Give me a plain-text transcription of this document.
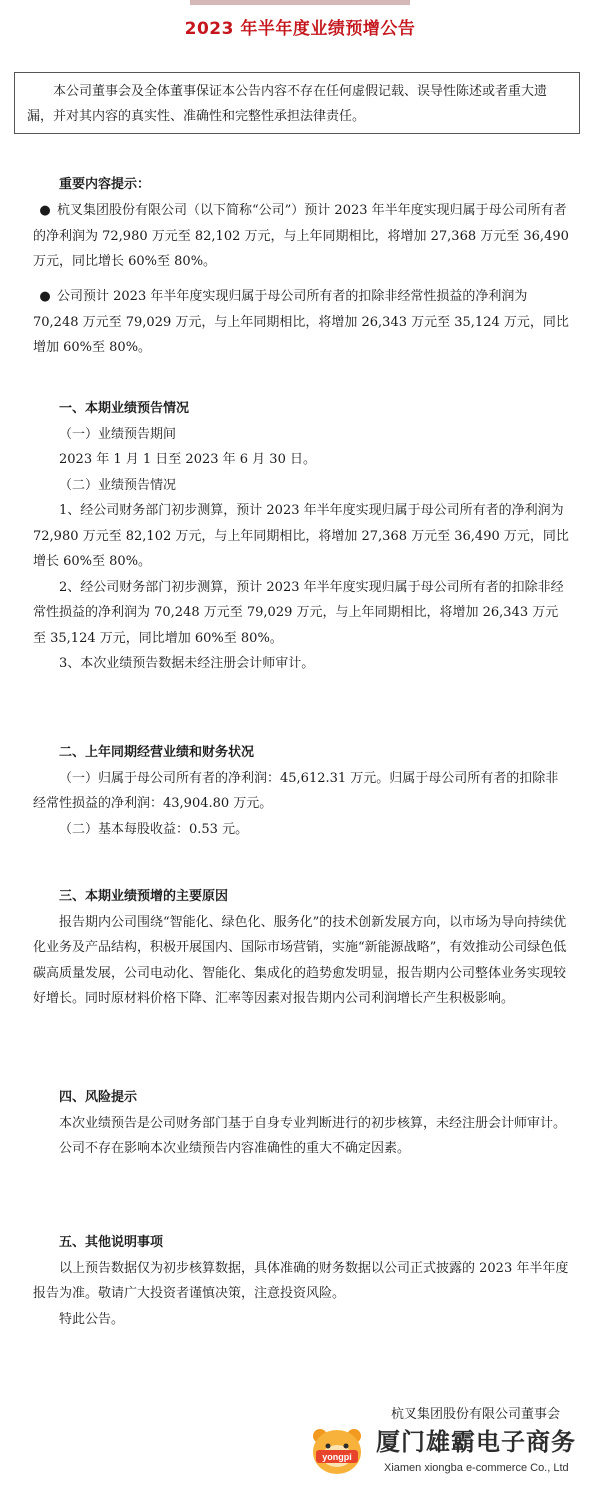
2023 年半年度业绩预增公告
本公司董事会及全体董事保证本公告内容不存在任何虚假记载、误导性陈述或者重大遗漏，并对其内容的真实性、准确性和完整性承担法律责任。

重要内容提示：

● 杭叉集团股份有限公司（以下简称“公司”）预计 2023 年半年度实现归属于母公司所有者的净利润为 72,980 万元至 82,102 万元，与上年同期相比，将增加 27,368 万元至 36,490 万元，同比增长 60%至 80%。

● 公司预计 2023 年半年度实现归属于母公司所有者的扣除非经常性损益的净利润为 70,248 万元至 79,029 万元，与上年同期相比，将增加 26,343 万元至 35,124 万元，同比增加 60%至 80%。

一、本期业绩预告情况

（一）业绩预告期间

2023 年 1 月 1 日至 2023 年 6 月 30 日。

（二）业绩预告情况

1、经公司财务部门初步测算，预计 2023 年半年度实现归属于母公司所有者的净利润为 72,980 万元至 82,102 万元，与上年同期相比，将增加 27,368 万元至 36,490 万元，同比增长 60%至 80%。

2、经公司财务部门初步测算，预计 2023 年半年度实现归属于母公司所有者的扣除非经常性损益的净利润为 70,248 万元至 79,029 万元，与上年同期相比，将增加 26,343 万元至 35,124 万元，同比增加 60%至 80%。

3、本次业绩预告数据未经注册会计师审计。

二、上年同期经营业绩和财务状况

（一）归属于母公司所有者的净利润：45,612.31 万元。归属于母公司所有者的扣除非经常性损益的净利润：43,904.80 万元。

（二）基本每股收益：0.53 元。

三、本期业绩预增的主要原因

报告期内公司围绕“智能化、绿色化、服务化”的技术创新发展方向，以市场为导向持续优化业务及产品结构，积极开展国内、国际市场营销，实施“新能源战略”，有效推动公司绿色低碳高质量发展，公司电动化、智能化、集成化的趋势愈发明显，报告期内公司整体业务实现较好增长。同时原材料价格下降、汇率等因素对报告期内公司利润增长产生积极影响。

四、风险提示

本次业绩预告是公司财务部门基于自身专业判断进行的初步核算，未经注册会计师审计。

公司不存在影响本次业绩预告内容准确性的重大不确定因素。

五、其他说明事项

以上预告数据仅为初步核算数据，具体准确的财务数据以公司正式披露的 2023 年半年度报告为准。敬请广大投资者谨慎决策，注意投资风险。

特此公告。

杭叉集团股份有限公司董事会
yongpi
厦门雄霸电子商务
Xiamen xiongba e-commerce Co., Ltd
